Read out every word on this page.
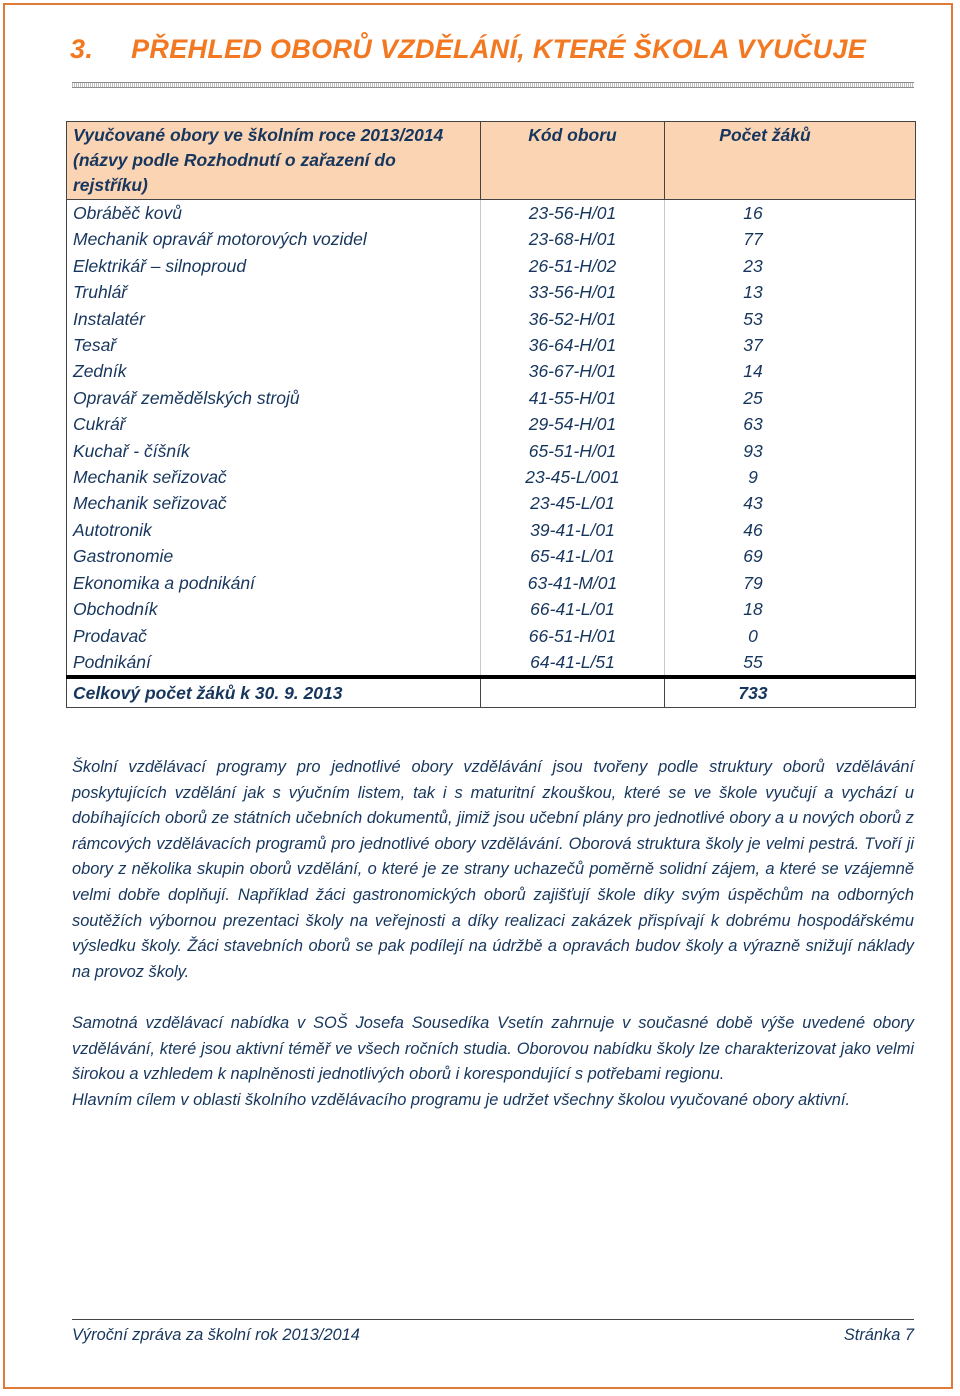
3. PŘEHLED OBORŮ VZDĚLÁNÍ, KTERÉ ŠKOLA VYUČUJE
Vyučované obory ve školním roce 2013/2014 (názvy podle Rozhodnutí o zařazení do rejstříku)	Kód oboru	Počet žáků
Obráběč kovů	23-56-H/01	16
Mechanik opravář motorových vozidel	23-68-H/01	77
Elektrikář – silnoproud	26-51-H/02	23
Truhlář	33-56-H/01	13
Instalatér	36-52-H/01	53
Tesař	36-64-H/01	37
Zedník	36-67-H/01	14
Opravář zemědělských strojů	41-55-H/01	25
Cukrář	29-54-H/01	63
Kuchař - číšník	65-51-H/01	93
Mechanik seřizovač	23-45-L/001	9
Mechanik seřizovač	23-45-L/01	43
Autotronik	39-41-L/01	46
Gastronomie	65-41-L/01	69
Ekonomika a podnikání	63-41-M/01	79
Obchodník	66-41-L/01	18
Prodavač	66-51-H/01	0
Podnikání	64-41-L/51	55
Celkový počet žáků k 30. 9. 2013		733

Školní vzdělávací programy pro jednotlivé obory vzdělávání jsou tvořeny podle struktury oborů vzdělávání poskytujících vzdělání jak s výučním listem, tak i s maturitní zkouškou, které se ve škole vyučují a vychází u dobíhajících oborů ze státních učebních dokumentů, jimiž jsou učební plány pro jednotlivé obory a u nových oborů z rámcových vzdělávacích programů pro jednotlivé obory vzdělávání. Oborová struktura školy je velmi pestrá. Tvoří ji obory z několika skupin oborů vzdělání, o které je ze strany uchazečů poměrně solidní zájem, a které se vzájemně velmi dobře doplňují. Například žáci gastronomických oborů zajišťují škole díky svým úspěchům na odborných soutěžích výbornou prezentaci školy na veřejnosti a díky realizaci zakázek přispívají k dobrému hospodářskému výsledku školy. Žáci stavebních oborů se pak podílejí na údržbě a opravách budov školy a výrazně snižují náklady na provoz školy.

Samotná vzdělávací nabídka v SOŠ Josefa Sousedíka Vsetín zahrnuje v současné době výše uvedené obory vzdělávání, které jsou aktivní téměř ve všech ročních studia. Oborovou nabídku školy lze charakterizovat jako velmi širokou a vzhledem k naplněnosti jednotlivých oborů i korespondující s potřebami regionu.

Hlavním cílem v oblasti školního vzdělávacího programu je udržet všechny školou vyučované obory aktivní.

Výroční zpráva za školní rok 2013/2014	Stránka 7
